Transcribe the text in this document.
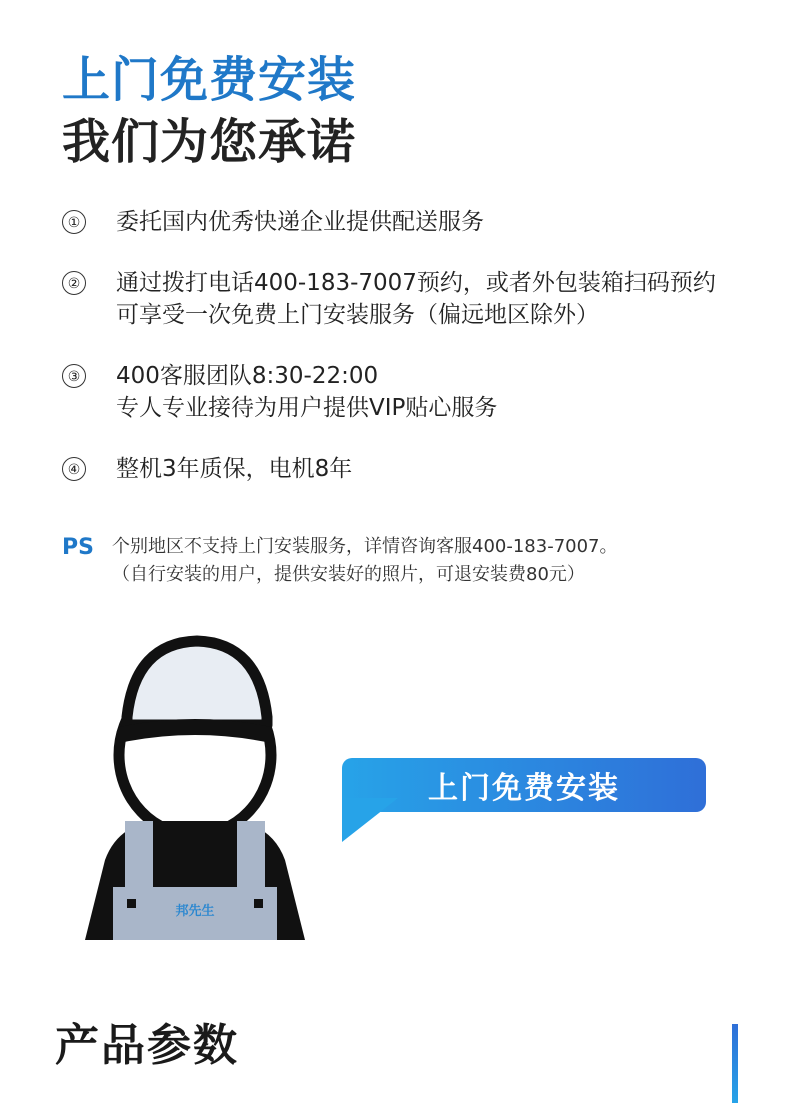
上门免费安装
我们为您承诺
① 委托国内优秀快递企业提供配送服务
② 通过拨打电话400-183-7007预约，或者外包装箱扫码预约
可享受一次免费上门安装服务（偏远地区除外）
③ 400客服团队8:30-22:00
专人专业接待为用户提供VIP贴心服务
④ 整机3年质保，电机8年
PS	个别地区不支持上门安装服务，详情咨询客服400-183-7007。
（自行安装的用户，提供安装好的照片，可退安装费80元）
邦先生
上门免费安装
产品参数
